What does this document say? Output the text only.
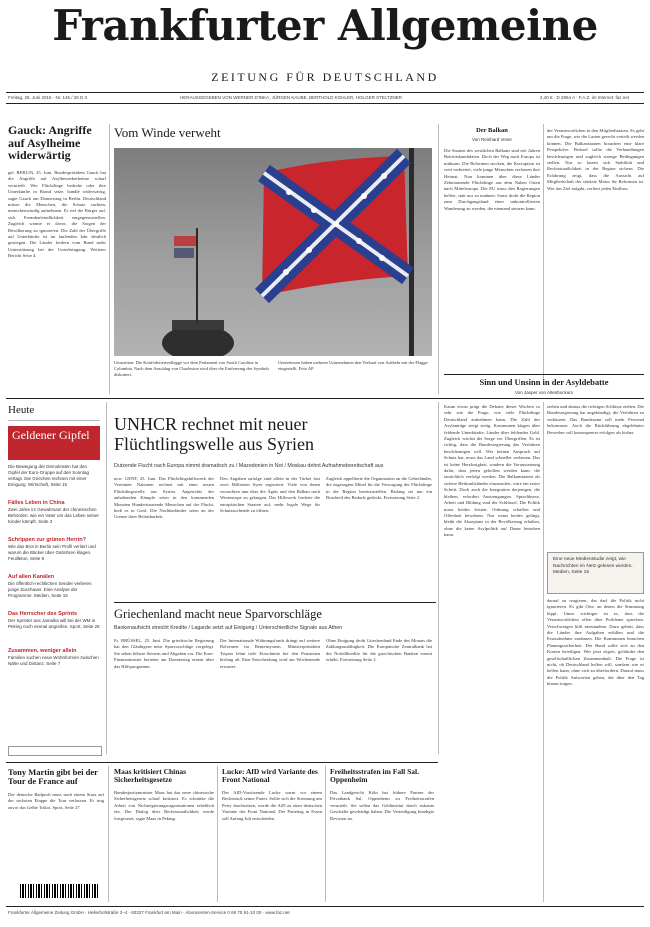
Frankfurter Allgemeine
ZEITUNG FÜR DEUTSCHLAND
Freitag, 26. Juni 2015 · Nr. 145 / 26 D 3	HERAUSGEGEBEN VON WERNER D'INKA, JÜRGEN KAUBE, BERTHOLD KOHLER, HOLGER STELTZNER	2,40 € · D 2954 A · F.A.Z. im Internet: faz.net
Gauck: Angriffe auf Asylheime widerwärtig

gel. BERLIN, 25. Juni. Bundespräsident Gauck hat die Angriffe auf Asylbewerberheime scharf verurteilt. Wer Flüchtlinge bedrohe oder ihre Unterkünfte in Brand setze, handle widerwärtig, sagte Gauck am Donnerstag in Berlin. Deutschland müsse die Menschen, die Schutz suchten, menschenwürdig aufnehmen. Er rief die Bürger auf, sich Fremdenfeindlichkeit entgegenzustellen. Zugleich warnte er davor, die Sorgen der Bevölkerung zu ignorieren. Die Zahl der Übergriffe auf Unterkünfte ist im laufenden Jahr deutlich gestiegen. Die Länder fordern vom Bund mehr Unterstützung bei der Unterbringung. Weiterer Bericht Seite 4.

Vom Winde verweht
Umstritten: Die Konföderiertenflagge vor dem Parlament von South Carolina in Columbia. Nach dem Anschlag von Charleston wird über die Entfernung des Symbols diskutiert.
Unterdessen haben mehrere Unternehmen den Verkauf von Artikeln mit der Flagge eingestellt. Foto AP
Der Balkan
Von Reinhard Veser

Die Staaten des westlichen Balkans sind seit Jahren Beitrittskandidaten. Doch der Weg nach Europa ist mühsam. Die Reformen stocken, die Korruption ist weit verbreitet, viele junge Menschen verlassen ihre Heimat. Nun kommen über diese Länder Zehntausende Flüchtlinge aus dem Nahen Osten nach Mitteleuropa. Die EU muss den Regierungen helfen, statt nur zu mahnen. Sonst droht die Region zum Durchgangsland einer unkontrollierten Wanderung zu werden, die niemand steuern kann.

der Verantwortlichen in den Mitgliedstaaten. Es geht um die Frage, wie die Lasten gerecht verteilt werden können. Die Balkanstaaten brauchen eine klare Perspektive. Brüssel sollte die Verhandlungen beschleunigen und zugleich strenge Bedingungen stellen. Nur so lassen sich Stabilität und Rechtsstaatlichkeit in der Region sichern. Die Erfahrung zeigt, dass die Aussicht auf Mitgliedschaft der stärkste Motor für Reformen ist. Wer das Ziel aufgibt, verliert jeden Einfluss.

Sinn und Unsinn in der Asyldebatte
Von Jasper von Altenbockum
Heute
Geldener Gipfel
Die Bewegung der Demokraten hat den Gipfel der Euro-Gruppe auf den Sonntag vertagt. Die Griechen rechnen mit einer Einigung. Wirtschaft, Seite 15
Fälles Leben in China
Zwei Jahre im Gewahrsam der chinesischen Behörden: wie ein Vater um das Leben seiner Kinder kämpft. Seite 3
Schrippen zur grünen Herrin?
Wie das Brot in Berlin sein Profil verliert und warum die Bäcker über Gebühren klagen. Feuilleton, Seite 9
Auf allen Kanälen
Die öffentlich-rechtlichen Sender verlieren junge Zuschauer. Eine Analyse der Programme. Medien, Seite 15
Das Herrscher des Sprints
Der Sprinter aus Jamaika will bei der WM in Peking noch einmal angreifen. Sport, Seite 28
Zusammen, weniger allein
Familien suchen neue Wohnformen zwischen Nähe und Distanz. Seite 7
UNHCR rechnet mit neuer
Flüchtlingswelle aus Syrien
Dutzende Flucht nach Europa nimmt dramatisch zu / Mazedonien in Not / Moskau dehnt Aufnahmebereitschaft aus

now. GENF, 25. Juni. Das Flüchtlingshilfswerk der Vereinten Nationen rechnet mit einer neuen Flüchtlingswelle aus Syrien. Angesichts der anhaltenden Kämpfe seien in den kommenden Monaten Hunderttausende Menschen auf der Flucht, hieß es in Genf. Die Nachbarländer seien an der Grenze ihrer Belastbarkeit.

Den Angaben zufolge sind allein in der Türkei fast zwei Millionen Syrer registriert. Viele von ihnen versuchten nun über die Ägäis und den Balkan nach Westeuropa zu gelangen. Das Hilfswerk forderte die europäischen Staaten auf, mehr legale Wege für Schutzsuchende zu öffnen.

Zugleich appellierte die Organisation an die Geberländer, die zugesagten Mittel für die Versorgung der Flüchtlinge in der Region bereitzustellen. Bislang sei nur ein Bruchteil des Bedarfs gedeckt. Fortsetzung Seite 2.

Griechenland macht neue Sparvorschläge
Bankenaufsicht streicht Kredite / Lagarde setzt auf Einigung / Unterschiedliche Signale aus Athen

Fr. BRÜSSEL, 25. Juni. Die griechische Regierung hat den Gläubigern neue Sparvorschläge vorgelegt. Sie sehen höhere Steuern und Abgaben vor. Die Euro-Finanzminister berieten am Donnerstag erneut über das Hilfsprogramm.

Der Internationale Währungsfonds drängt auf weitere Reformen im Rentensystem. Ministerpräsident Tsipras lehnt tiefe Einschnitte bei den Pensionen bislang ab. Eine Entscheidung wird am Wochenende erwartet.

Ohne Einigung droht Griechenland Ende des Monats die Zahlungsunfähigkeit. Die Europäische Zentralbank hat die Notfallkredite für die griechischen Banken erneut erhöht. Fortsetzung Seite 2.

Kaum etwas prägt die Debatte dieser Wochen so sehr wie die Frage, wie viele Flüchtlinge Deutschland aufnehmen kann. Die Zahl der Asylanträge steigt stetig. Kommunen klagen über fehlende Unterkünfte, Länder über fehlendes Geld. Zugleich wächst die Sorge vor Übergriffen. Es ist richtig, dass die Bundesregierung das Verfahren beschleunigen will. Wer keinen Anspruch auf Schutz hat, muss das Land schneller verlassen. Das ist keine Herzlosigkeit, sondern die Voraussetzung dafür, dass jenen geholfen werden kann, die tatsächlich verfolgt werden. Die Balkanstaaten als sichere Herkunftsländer einzustufen, wäre ein erster Schritt. Doch auch die Integration derjenigen, die bleiben, erfordert Anstrengungen. Sprachkurse, Arbeit und Bildung sind der Schlüssel. Die Politik muss beides leisten: Ordnung schaffen und Offenheit bewahren. Nur wenn beides gelingt, bleibt die Akzeptanz in der Bevölkerung erhalten, ohne die keine Asylpolitik auf Dauer bestehen kann.

ziehen und daraus die richtigen Schlüsse ziehen. Die Bundesregierung hat angekündigt, die Verfahren zu verkürzen. Das Bundesamt soll mehr Personal bekommen. Auch die Rückführung abgelehnter Bewerber soll konsequenter erfolgen als bisher.

Eine neue Medienstudie zeigt, wie Nachrichten im Netz gelesen werden. Medien, Seite 15

darauf zu reagieren, das darf die Politik nicht ignorieren. Es gibt Orte, an denen die Stimmung kippt. Umso wichtiger ist es, dass die Verantwortlichen offen über Probleme sprechen. Verschweigen hilft niemandem. Dazu gehört, dass die Länder ihre Aufgaben erfüllen und die Erstaufnahme ausbauen. Die Kommunen brauchen Planungssicherheit. Der Bund sollte sich an den Kosten beteiligen. Wer jetzt zögert, gefährdet den gesellschaftlichen Zusammenhalt. Die Frage ist nicht, ob Deutschland helfen will, sondern wie es helfen kann, ohne sich zu überfordern. Darauf muss die Politik Antworten geben, die über den Tag hinaus tragen.

Tony Martin gibt bei der Tour de France auf

Der deutsche Radprofi muss nach einem Sturz auf der sechsten Etappe die Tour verlassen. Er trug zuvor das Gelbe Trikot. Sport, Seite 27

Maas kritisiert Chinas Sicherheitsgesetze

Bundesjustizminister Maas hat das neue chinesische Sicherheitsgesetz scharf kritisiert. Es schränke die Arbeit von Nichtregierungsorganisationen erheblich ein. Der Dialog über Rechtsstaatlichkeit werde fortgesetzt, sagte Maas in Peking.

Lucke: AfD wird Variante des Front National

Der AfD-Vorsitzende Lucke warnt vor einem Rechtsruck seiner Partei. Sollte sich die Strömung um Petry durchsetzen, werde die AfD zu einer deutschen Variante des Front National. Der Parteitag in Essen soll Anfang Juli entscheiden.

Freiheitsstrafen im Fall Sal. Oppenheim

Das Landgericht Köln hat frühere Partner der Privatbank Sal. Oppenheim zu Freiheitsstrafen verurteilt. Sie sollen das Geldinstitut durch riskante Geschäfte geschädigt haben. Die Verteidigung kündigte Revision an.

Frankfurter Allgemeine Zeitung GmbH · Hellerhofstraße 2–4 · 60327 Frankfurt am Main · Abonnenten-Service 0 69 75 91-10 00 · www.faz.net
